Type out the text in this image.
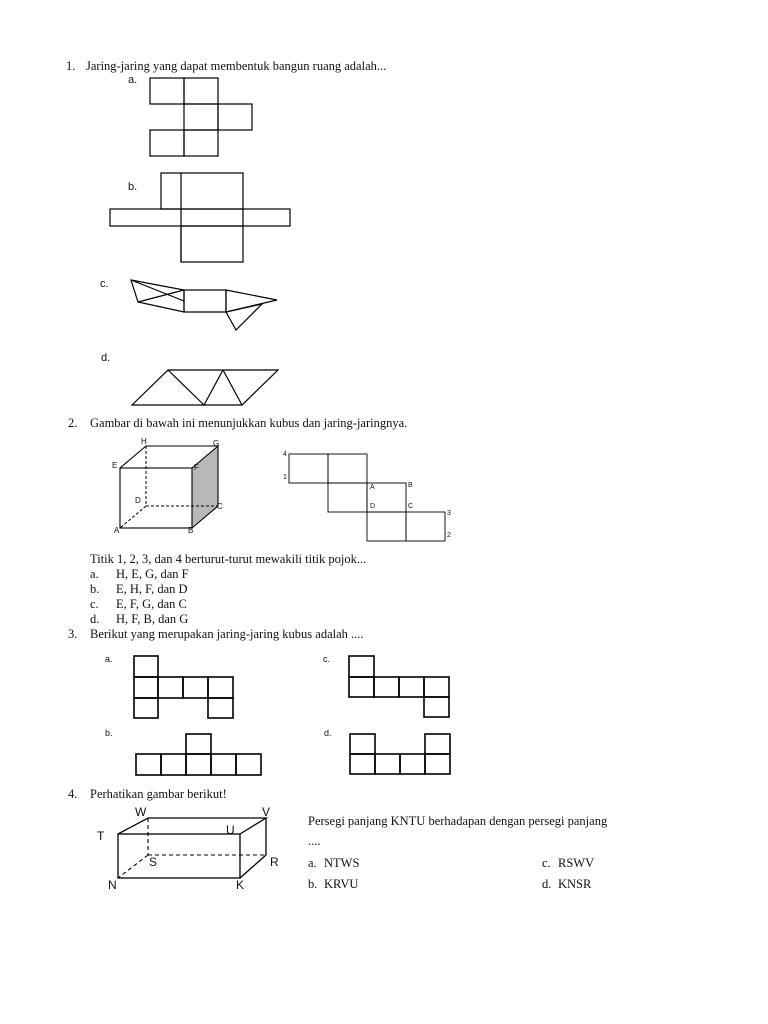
1. Jaring-jaring yang dapat membentuk bangun ruang adalah...
a.
b.
c.
d.
2. Gambar di bawah ini menunjukkan kubus dan jaring-jaringnya.
H	G
E	F
D
C
A	B
4
1
A	B
D	C
3
2
Titik 1, 2, 3, dan 4 berturut-turut mewakili titik pojok...
a. H, E, G, dan F
b. E, H, F, dan D
c. E, F, G, dan C
d. H, F, B, dan G
3. Berikut yang merupakan jaring-jaring kubus adalah ....
a.	c.
b.	d.
4. Perhatikan gambar berikut!
W	V
T	U
S	R
N	K
Persegi panjang KNTU berhadapan dengan persegi panjang
....
a. NTWS
b. KRVU
c. RSWV
d. KNSR
